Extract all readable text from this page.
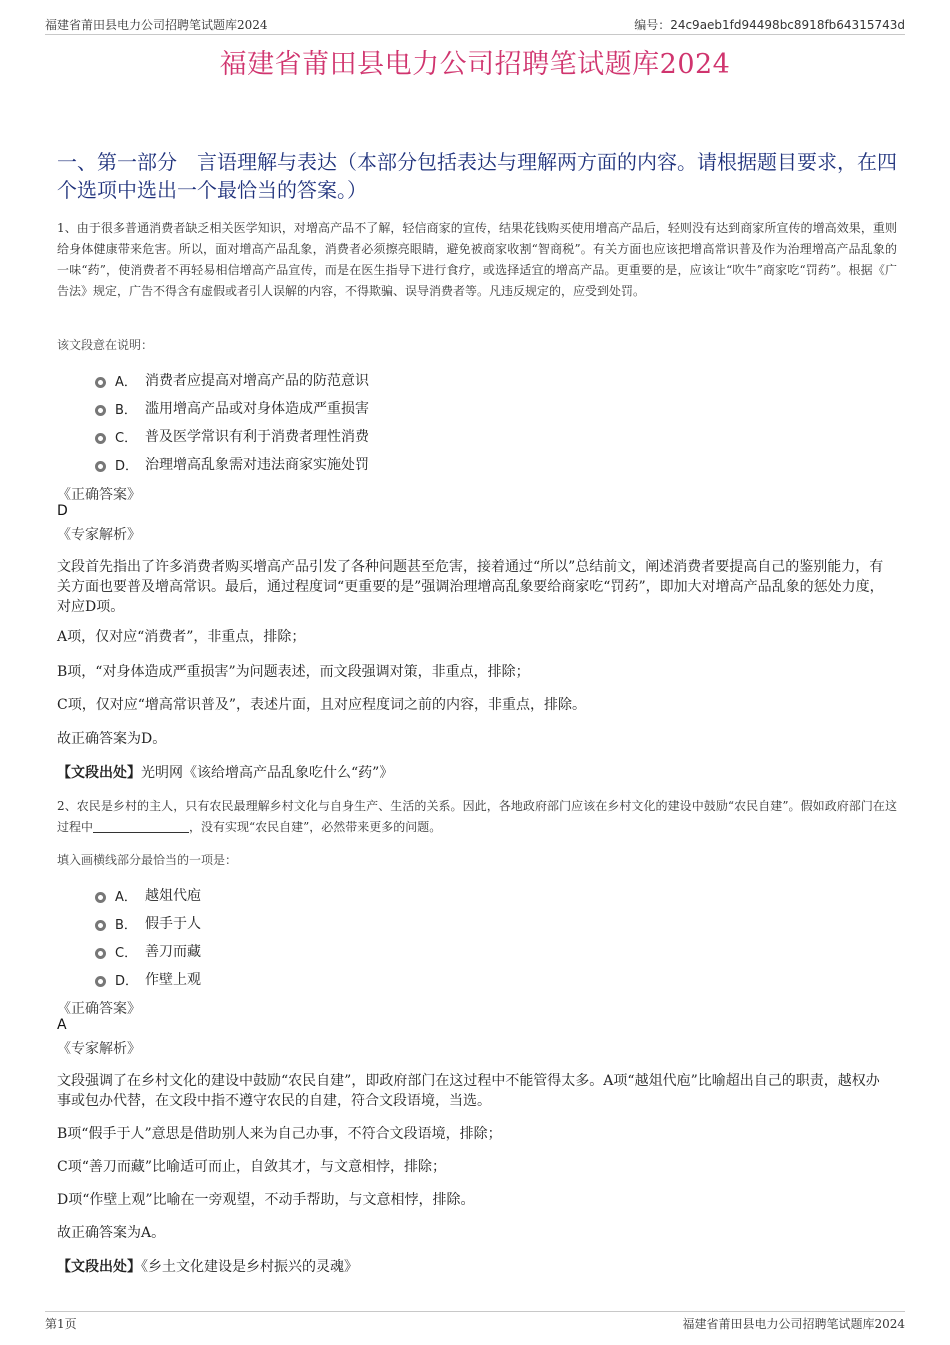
福建省莆田县电力公司招聘笔试题库2024	编号：24c9aeb1fd94498bc8918fb64315743d
福建省莆田县电力公司招聘笔试题库2024
一、第一部分　言语理解与表达（本部分包括表达与理解两方面的内容。请根据题目要求，在四个选项中选出一个最恰当的答案。）
1、由于很多普通消费者缺乏相关医学知识，对增高产品不了解，轻信商家的宣传，结果花钱购买使用增高产品后，轻则没有达到商家所宣传的增高效果，重则给身体健康带来危害。所以，面对增高产品乱象，消费者必须擦亮眼睛，避免被商家收割“智商税”。有关方面也应该把增高常识普及作为治理增高产品乱象的一味“药”，使消费者不再轻易相信增高产品宣传，而是在医生指导下进行食疗，或选择适宜的增高产品。更重要的是，应该让“吹牛”商家吃“罚药”。根据《广告法》规定，广告不得含有虚假或者引人误解的内容，不得欺骗、误导消费者等。凡违反规定的，应受到处罚。
该文段意在说明：
A． 消费者应提高对增高产品的防范意识
B． 滥用增高产品或对身体造成严重损害
C． 普及医学常识有利于消费者理性消费
D． 治理增高乱象需对违法商家实施处罚
《正确答案》
D
《专家解析》
文段首先指出了许多消费者购买增高产品引发了各种问题甚至危害，接着通过“所以”总结前文，阐述消费者要提高自己的鉴别能力，有关方面也要普及增高常识。最后，通过程度词“更重要的是”强调治理增高乱象要给商家吃“罚药”，即加大对增高产品乱象的惩处力度，对应D项。
A项，仅对应“消费者”，非重点，排除；
B项，“对身体造成严重损害”为问题表述，而文段强调对策，非重点，排除；
C项，仅对应“增高常识普及”，表述片面，且对应程度词之前的内容，非重点，排除。
故正确答案为D。
【文段出处】光明网《该给增高产品乱象吃什么“药”》
2、农民是乡村的主人，只有农民最理解乡村文化与自身生产、生活的关系。因此，各地政府部门应该在乡村文化的建设中鼓励“农民自建”。假如政府部门在这过程中	，没有实现“农民自建”，必然带来更多的问题。
填入画横线部分最恰当的一项是：
A． 越俎代庖
B． 假手于人
C． 善刀而藏
D． 作壁上观
《正确答案》
A
《专家解析》
文段强调了在乡村文化的建设中鼓励“农民自建”，即政府部门在这过程中不能管得太多。A项“越俎代庖”比喻超出自己的职责，越权办事或包办代替，在文段中指不遵守农民的自建，符合文段语境，当选。
B项“假手于人”意思是借助别人来为自己办事，不符合文段语境，排除；
C项“善刀而藏”比喻适可而止，自敛其才，与文意相悖，排除；
D项“作壁上观”比喻在一旁观望，不动手帮助，与文意相悖，排除。
故正确答案为A。
【文段出处】《乡土文化建设是乡村振兴的灵魂》
第1页	福建省莆田县电力公司招聘笔试题库2024
